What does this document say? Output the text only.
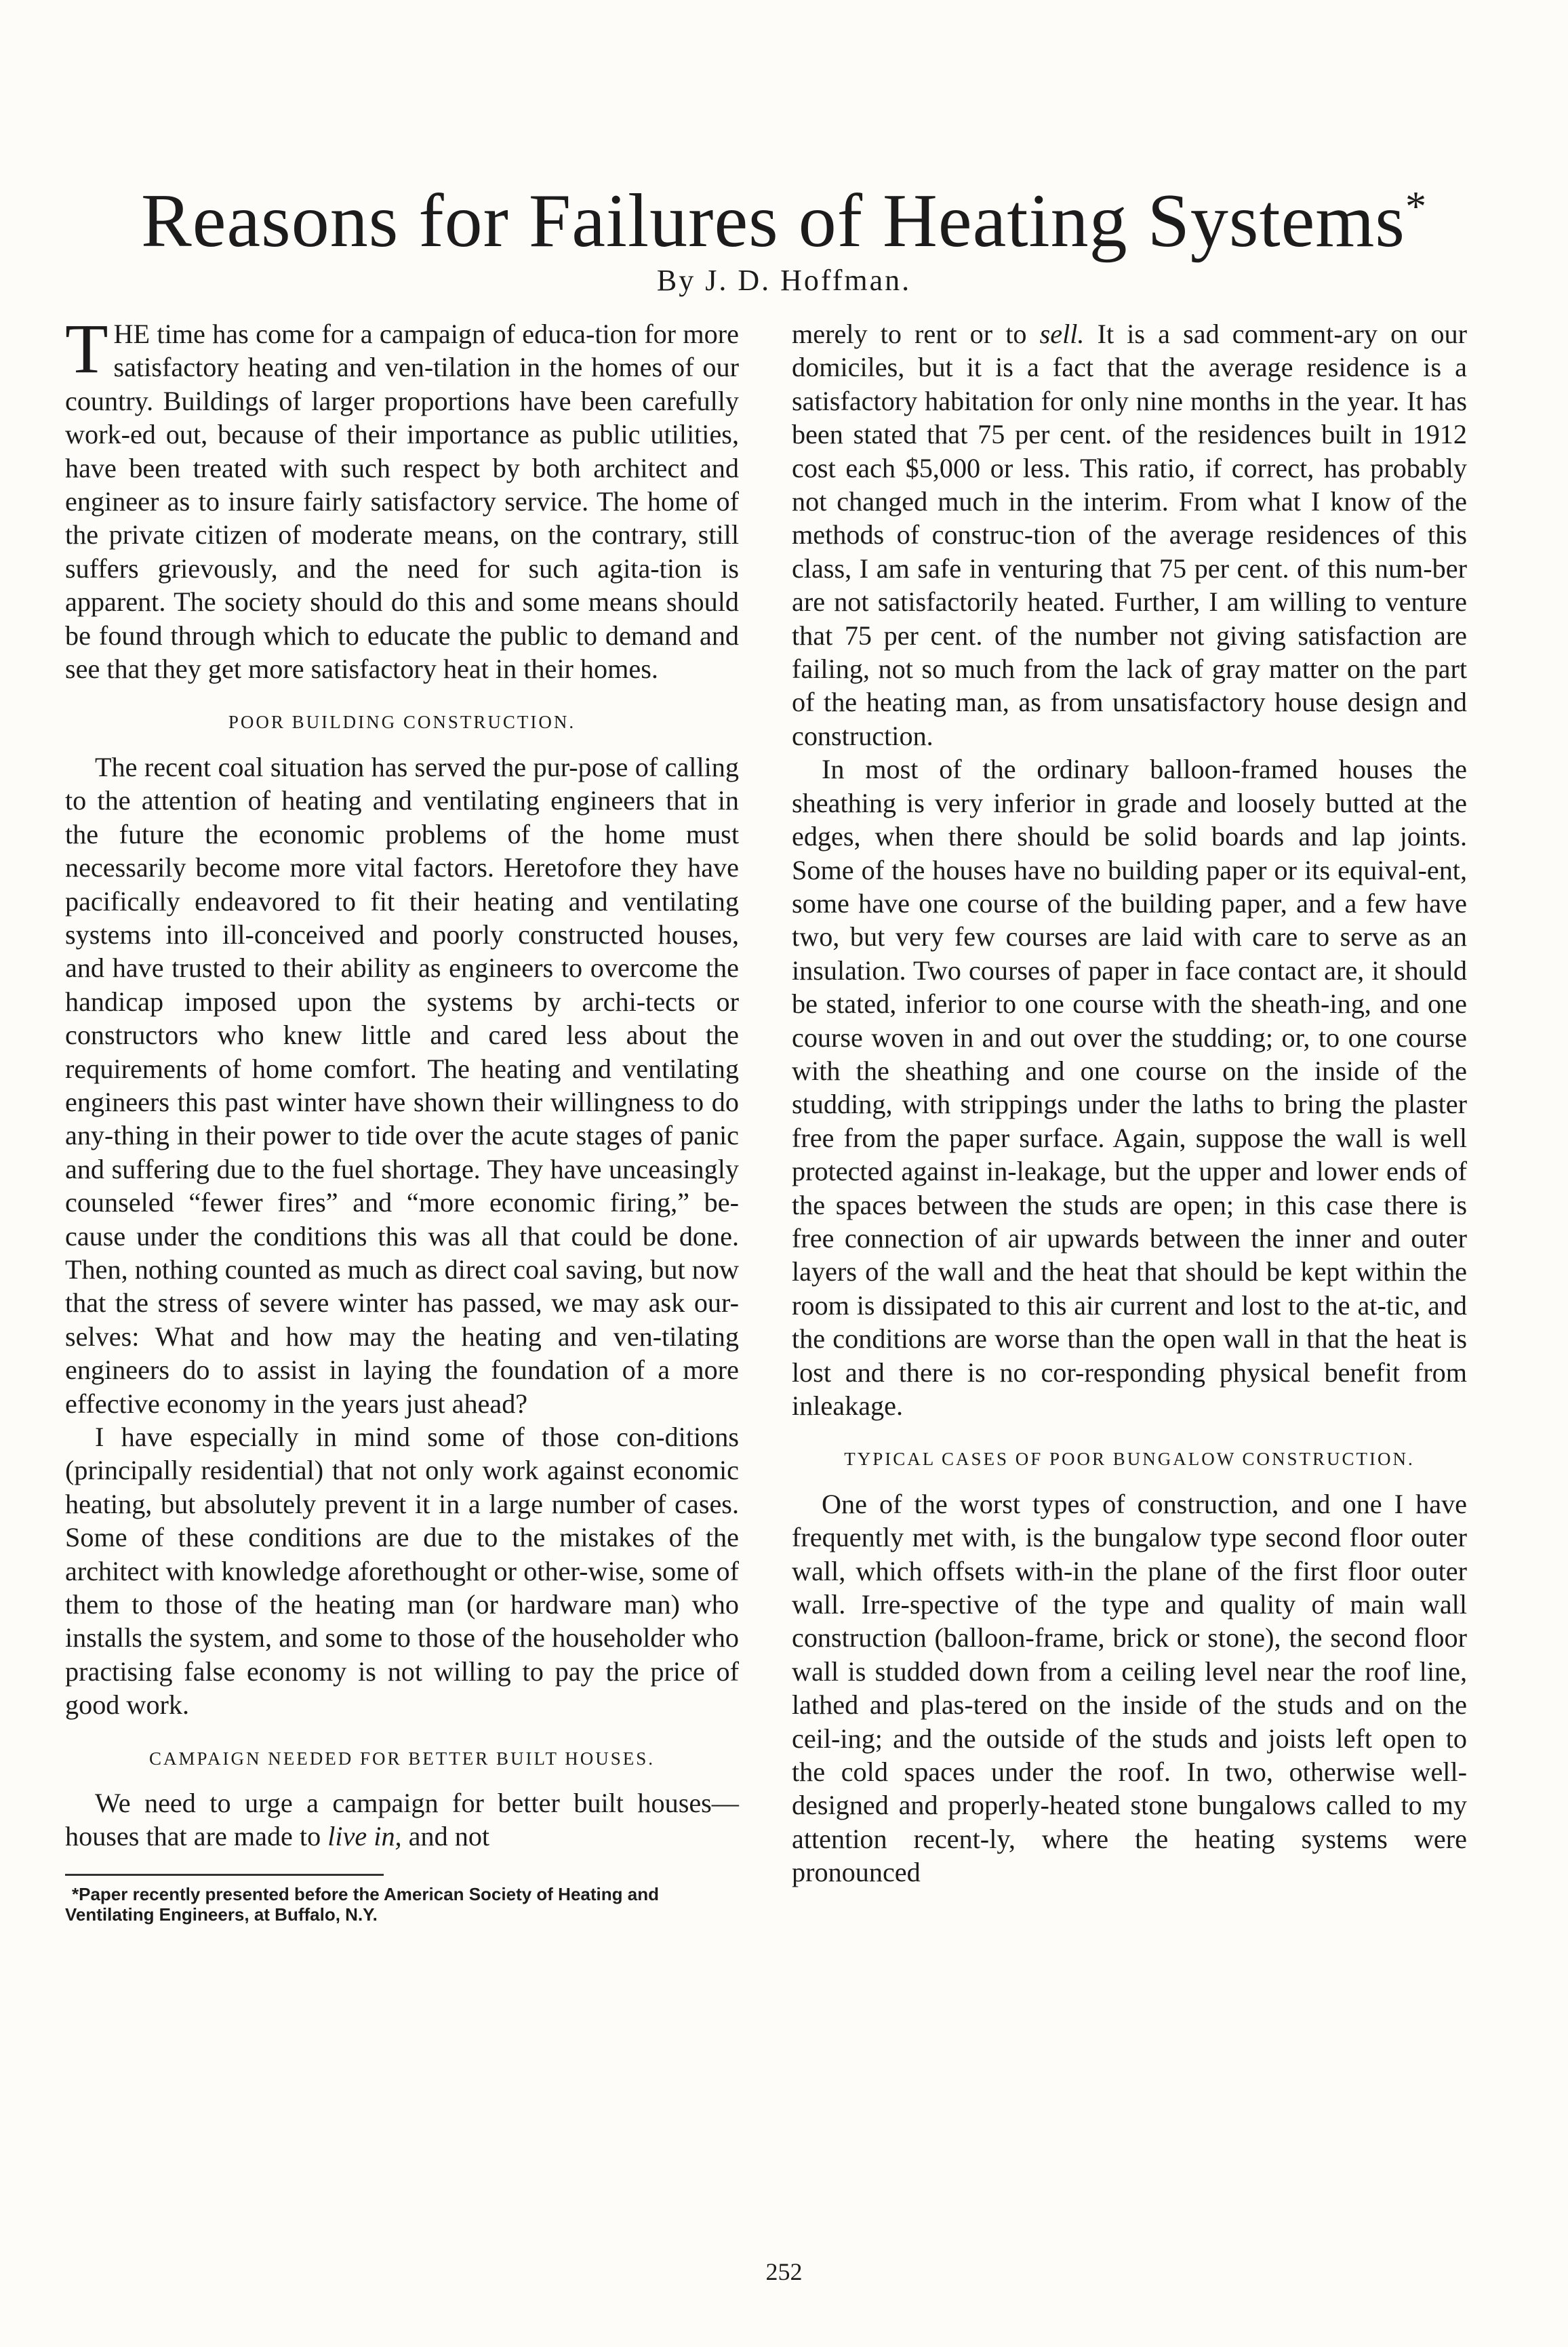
Reasons for Failures of Heating Systems*
By J. D. Hoffman.

THE time has come for a campaign of educa-tion for more satisfactory heating and ven-tilation in the homes of our country. Buildings of larger proportions have been carefully work-ed out, because of their importance as public utilities, have been treated with such respect by both architect and engineer as to insure fairly satisfactory service. The home of the private citizen of moderate means, on the contrary, still suffers grievously, and the need for such agita-tion is apparent. The society should do this and some means should be found through which to educate the public to demand and see that they get more satisfactory heat in their homes.

POOR BUILDING CONSTRUCTION.

The recent coal situation has served the pur-pose of calling to the attention of heating and ventilating engineers that in the future the economic problems of the home must necessarily become more vital factors. Heretofore they have pacifically endeavored to fit their heating and ventilating systems into ill-conceived and poorly constructed houses, and have trusted to their ability as engineers to overcome the handicap imposed upon the systems by archi-tects or constructors who knew little and cared less about the requirements of home comfort. The heating and ventilating engineers this past winter have shown their willingness to do any-thing in their power to tide over the acute stages of panic and suffering due to the fuel shortage. They have unceasingly counseled “fewer fires” and “more economic firing,” be-cause under the conditions this was all that could be done. Then, nothing counted as much as direct coal saving, but now that the stress of severe winter has passed, we may ask our-selves: What and how may the heating and ven-tilating engineers do to assist in laying the foundation of a more effective economy in the years just ahead?

I have especially in mind some of those con-ditions (principally residential) that not only work against economic heating, but absolutely prevent it in a large number of cases. Some of these conditions are due to the mistakes of the architect with knowledge aforethought or other-wise, some of them to those of the heating man (or hardware man) who installs the system, and some to those of the householder who practising false economy is not willing to pay the price of good work.

CAMPAIGN NEEDED FOR BETTER BUILT HOUSES.

We need to urge a campaign for better built houses—houses that are made to live in, and not

*Paper recently presented before the American Society of Heating and Ventilating Engineers, at Buffalo, N.Y.

merely to rent or to sell. It is a sad comment-ary on our domiciles, but it is a fact that the average residence is a satisfactory habitation for only nine months in the year. It has been stated that 75 per cent. of the residences built in 1912 cost each $5,000 or less. This ratio, if correct, has probably not changed much in the interim. From what I know of the methods of construc-tion of the average residences of this class, I am safe in venturing that 75 per cent. of this num-ber are not satisfactorily heated. Further, I am willing to venture that 75 per cent. of the number not giving satisfaction are failing, not so much from the lack of gray matter on the part of the heating man, as from unsatisfactory house design and construction.

In most of the ordinary balloon-framed houses the sheathing is very inferior in grade and loosely butted at the edges, when there should be solid boards and lap joints. Some of the houses have no building paper or its equival-ent, some have one course of the building paper, and a few have two, but very few courses are laid with care to serve as an insulation. Two courses of paper in face contact are, it should be stated, inferior to one course with the sheath-ing, and one course woven in and out over the studding; or, to one course with the sheathing and one course on the inside of the studding, with strippings under the laths to bring the plaster free from the paper surface. Again, suppose the wall is well protected against in-leakage, but the upper and lower ends of the spaces between the studs are open; in this case there is free connection of air upwards between the inner and outer layers of the wall and the heat that should be kept within the room is dissipated to this air current and lost to the at-tic, and the conditions are worse than the open wall in that the heat is lost and there is no cor-responding physical benefit from inleakage.

TYPICAL CASES OF POOR BUNGALOW CONSTRUCTION.

One of the worst types of construction, and one I have frequently met with, is the bungalow type second floor outer wall, which offsets with-in the plane of the first floor outer wall. Irre-spective of the type and quality of main wall construction (balloon-frame, brick or stone), the second floor wall is studded down from a ceiling level near the roof line, lathed and plas-tered on the inside of the studs and on the ceil-ing; and the outside of the studs and joists left open to the cold spaces under the roof. In two, otherwise well-designed and properly-heated stone bungalows called to my attention recent-ly, where the heating systems were pronounced

252
